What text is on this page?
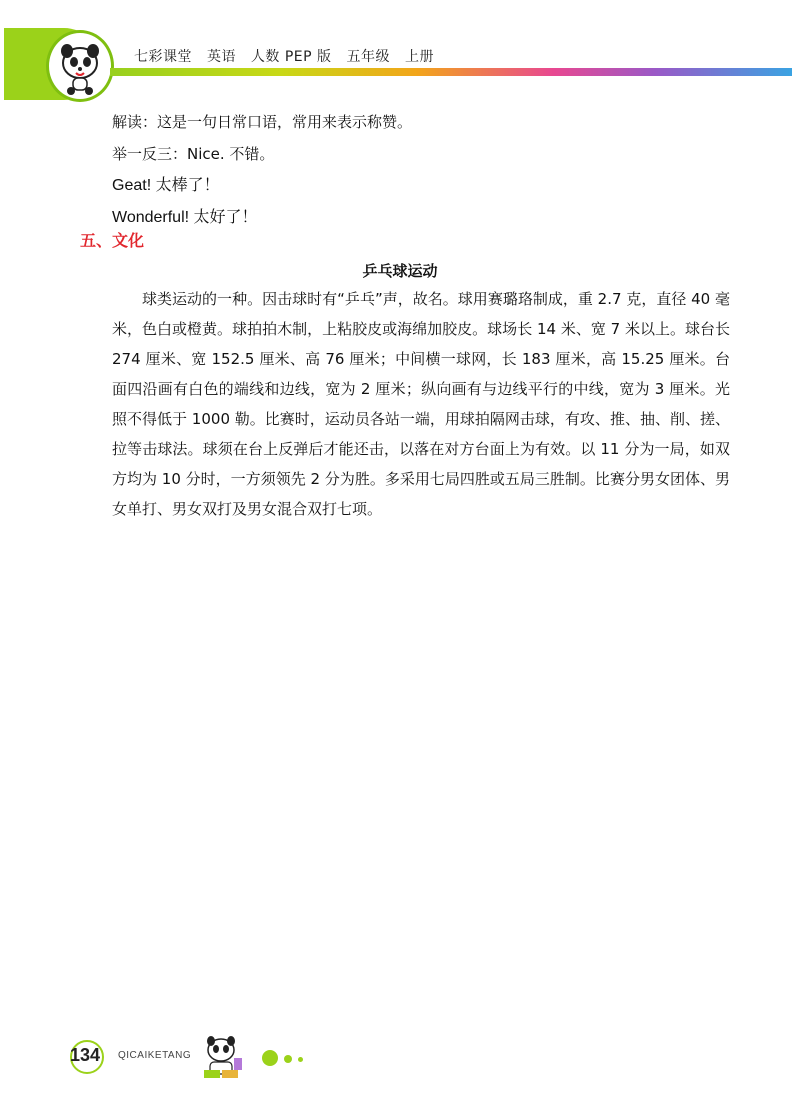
七彩课堂 英语 人数 PEP 版 五年级 上册
解读：这是一句日常口语，常用来表示称赞。
举一反三：Nice. 不错。
Geat! 太棒了！
Wonderful! 太好了！
五、文化
乒乓球运动

球类运动的一种。因击球时有“乒乓”声，故名。球用赛璐珞制成，重 2.7 克，直径 40 毫米，色白或橙黄。球拍拍木制，上粘胶皮或海绵加胶皮。球场长 14 米、宽 7 米以上。球台长 274 厘米、宽 152.5 厘米、高 76 厘米；中间横一球网，长 183 厘米，高 15.25 厘米。台面四沿画有白色的端线和边线，宽为 2 厘米；纵向画有与边线平行的中线，宽为 3 厘米。光照不得低于 1000 勒。比赛时，运动员各站一端，用球拍隔网击球，有攻、推、抽、削、搓、拉等击球法。球须在台上反弹后才能还击，以落在对方台面上为有效。以 11 分为一局，如双方均为 10 分时，一方须领先 2 分为胜。多采用七局四胜或五局三胜制。比赛分男女团体、男女单打、男女双打及男女混合双打七项。

134	QICAIKETANG
